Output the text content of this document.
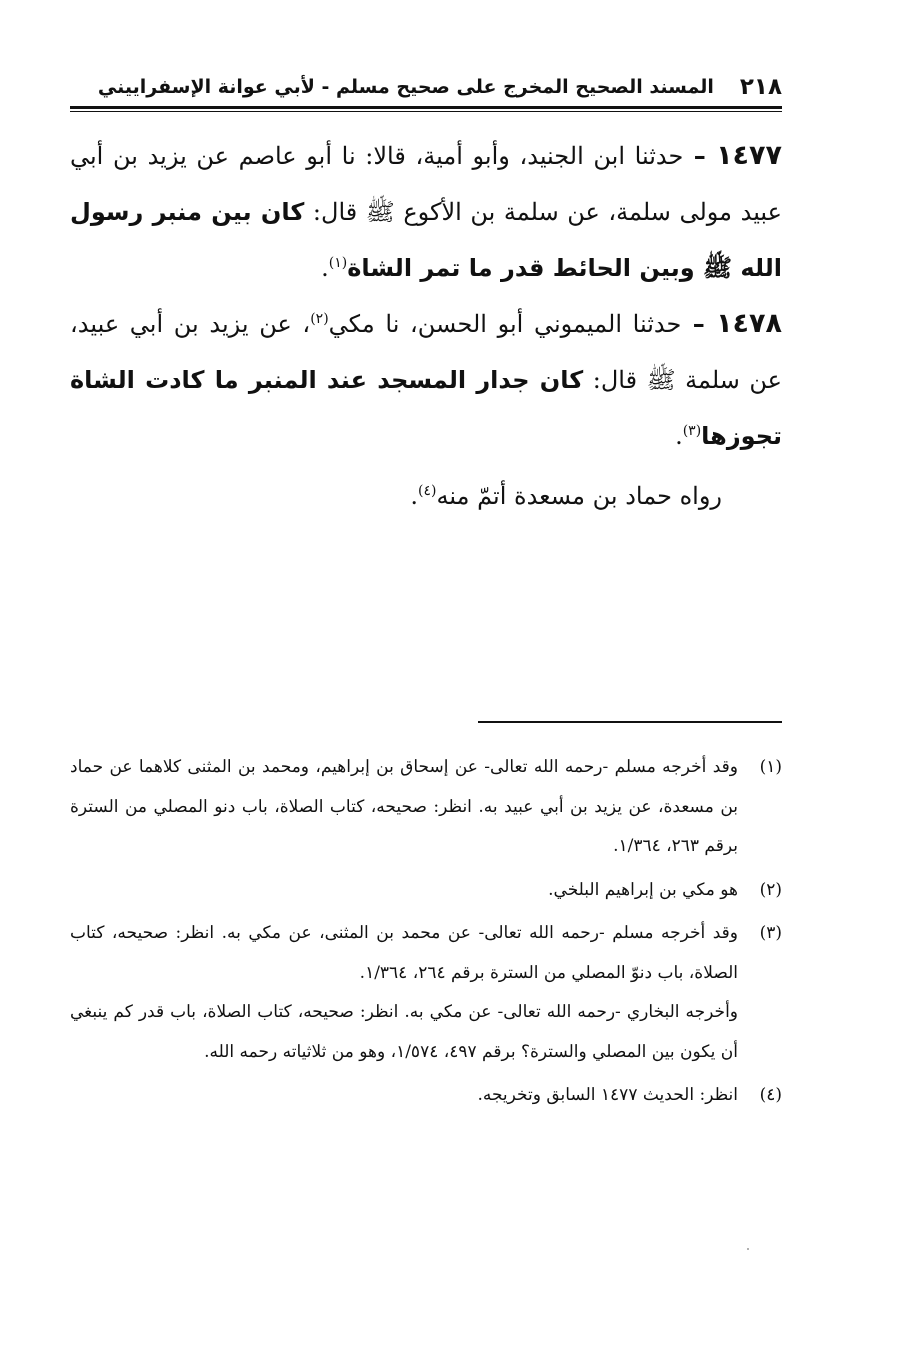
٢١٨
المسند الصحيح المخرج على صحيح مسلم - لأبي عوانة الإسفراييني

١٤٧٧ – حدثنا ابن الجنيد، وأبو أمية، قالا: نا أبو عاصم عن يزيد بن أبي عبيد مولى سلمة، عن سلمة بن الأكوع ﷺ قال: كان بين منبر رسول الله ﷺ وبين الحائط قدر ما تمر الشاة$^{(١)}$.

١٤٧٨ – حدثنا الميموني أبو الحسن، نا مكي$^{(٢)}$، عن يزيد بن أبي عبيد، عن سلمة ﷺ قال: كان جدار المسجد عند المنبر ما كادت الشاة تجوزها$^{(٣)}$.

رواه حماد بن مسعدة أتمّ منه$^{(٤)}$.

(١)

وقد أخرجه مسلم -رحمه الله تعالى- عن إسحاق بن إبراهيم، ومحمد بن المثنى كلاهما عن حماد بن مسعدة، عن يزيد بن أبي عبيد به. انظر: صحيحه، كتاب الصلاة، باب دنو المصلي من السترة برقم ٢٦٣، ١/٣٦٤.

(٢)

هو مكي بن إبراهيم البلخي.

(٣)

وقد أخرجه مسلم -رحمه الله تعالى- عن محمد بن المثنى، عن مكي به. انظر: صحيحه، كتاب الصلاة، باب دنوّ المصلي من السترة برقم ٢٦٤، ١/٣٦٤.

وأخرجه البخاري -رحمه الله تعالى- عن مكي به. انظر: صحيحه، كتاب الصلاة، باب قدر كم ينبغي أن يكون بين المصلي والسترة؟ برقم ٤٩٧، ١/٥٧٤، وهو من ثلاثياته رحمه الله.

(٤)

انظر: الحديث ١٤٧٧ السابق وتخريجه.
